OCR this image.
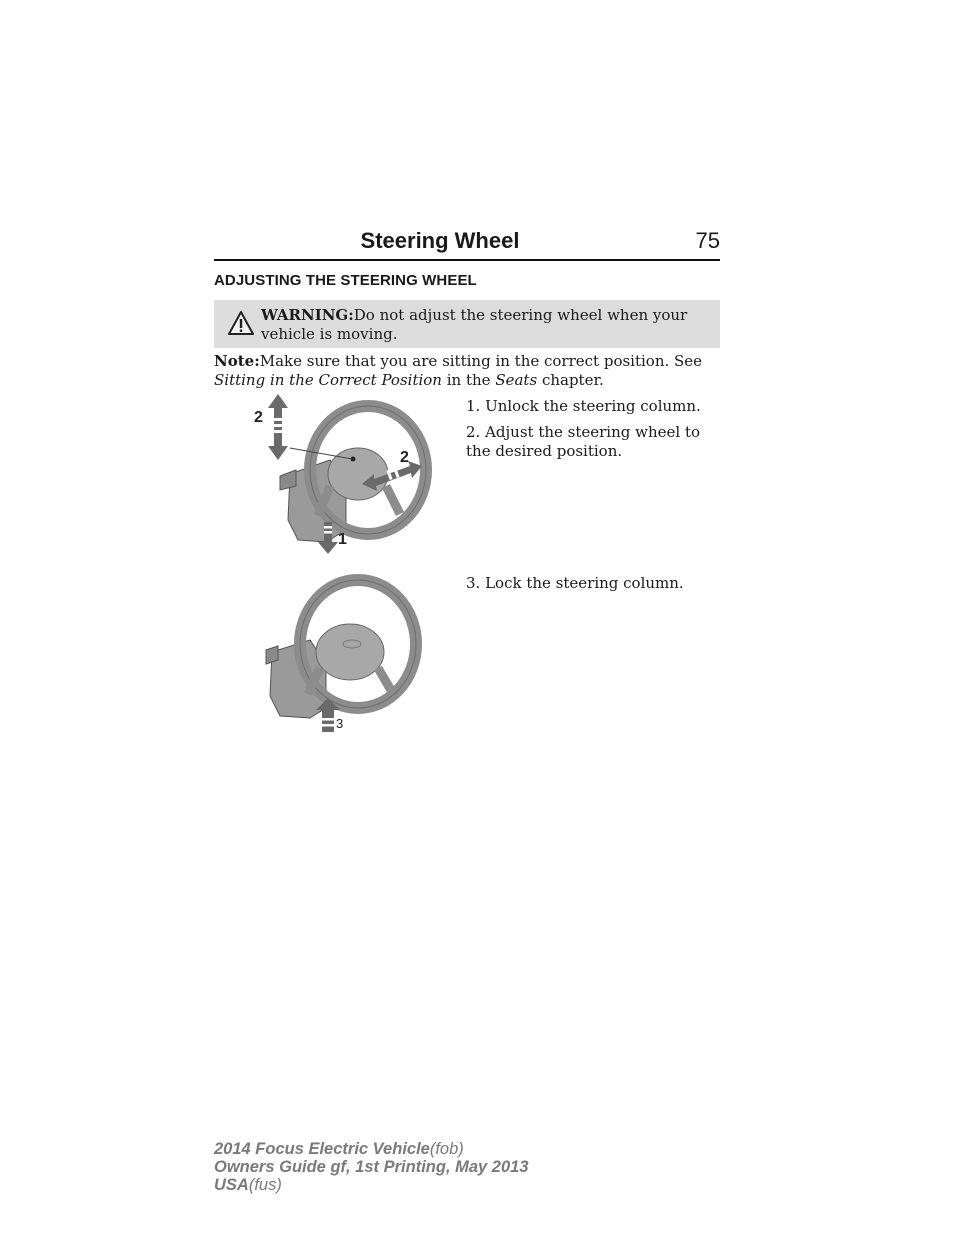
Steering Wheel	75
ADJUSTING THE STEERING WHEEL
WARNING:Do not adjust the steering wheel when your vehicle is moving.
Note:Make sure that you are sitting in the correct position. See Sitting in the Correct Position in the Seats chapter.
1. Unlock the steering column.
2. Adjust the steering wheel to the desired position.
3. Lock the steering column.
2
2
1
3
2014 Focus Electric Vehicle(fob)
Owners Guide gf, 1st Printing, May 2013
USA(fus)
